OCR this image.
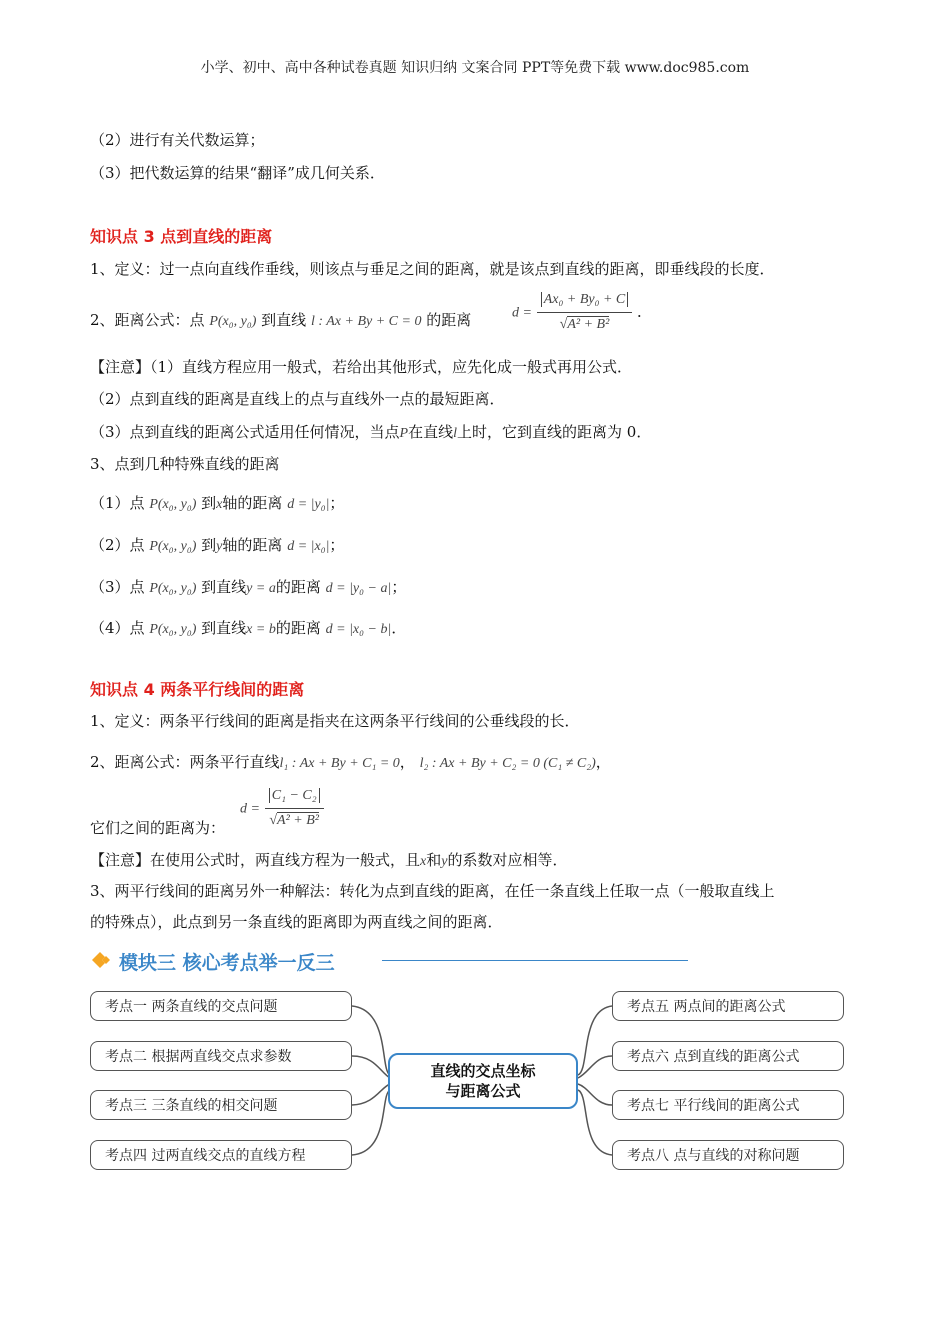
小学、初中、高中各种试卷真题 知识归纳 文案合同 PPT等免费下载 www.doc985.com
（2）进行有关代数运算；
（3）把代数运算的结果“翻译”成几何关系．
知识点 3 点到直线的距离
1、定义：过一点向直线作垂线，则该点与垂足之间的距离，就是该点到直线的距离，即垂线段的长度．
2、距离公式：点 P(x₀, y₀) 到直线 l : Ax + By + C = 0 的距离	$d = \frac{\text{Ax₀ + By₀ + C}}{\text{√A² + B²}}$ ．
【注意】（1）直线方程应用一般式，若给出其他形式，应先化成一般式再用公式．
（2）点到直线的距离是直线上的点与直线外一点的最短距离．
（3）点到直线的距离公式适用任何情况，当点P在直线l上时，它到直线的距离为 0．
3、点到几种特殊直线的距离
（1）点 P(x₀, y₀) 到x轴的距离 d = |y₀|；
（2）点 P(x₀, y₀) 到y轴的距离 d = |x₀|；
（3）点 P(x₀, y₀) 到直线y = a的距离 d = |y₀ − a|；
（4）点 P(x₀, y₀) 到直线x = b的距离 d = |x₀ − b|．
知识点 4 两条平行线间的距离
1、定义：两条平行线间的距离是指夹在这两条平行线间的公垂线段的长．
2、距离公式：两条平行直线l₁ : Ax + By + C₁ = 0， l₂ : Ax + By + C₂ = 0 (C₁ ≠ C₂)，
它们之间的距离为：
$d = \frac{\text{C₁ − C₂}}{\text{√A² + B²}}$
【注意】在使用公式时，两直线方程为一般式，且x和y的系数对应相等．
3、两平行线间的距离另外一种解法：转化为点到直线的距离，在任一条直线上任取一点（一般取直线上
的特殊点），此点到另一条直线的距离即为两直线之间的距离．
模块三 核心考点举一反三
考点一 两条直线的交点问题
考点二 根据两直线交点求参数
考点三 三条直线的相交问题
考点四 过两直线交点的直线方程
直线的交点坐标
与距离公式
考点五 两点间的距离公式
考点六 点到直线的距离公式
考点七 平行线间的距离公式
考点八 点与直线的对称问题
